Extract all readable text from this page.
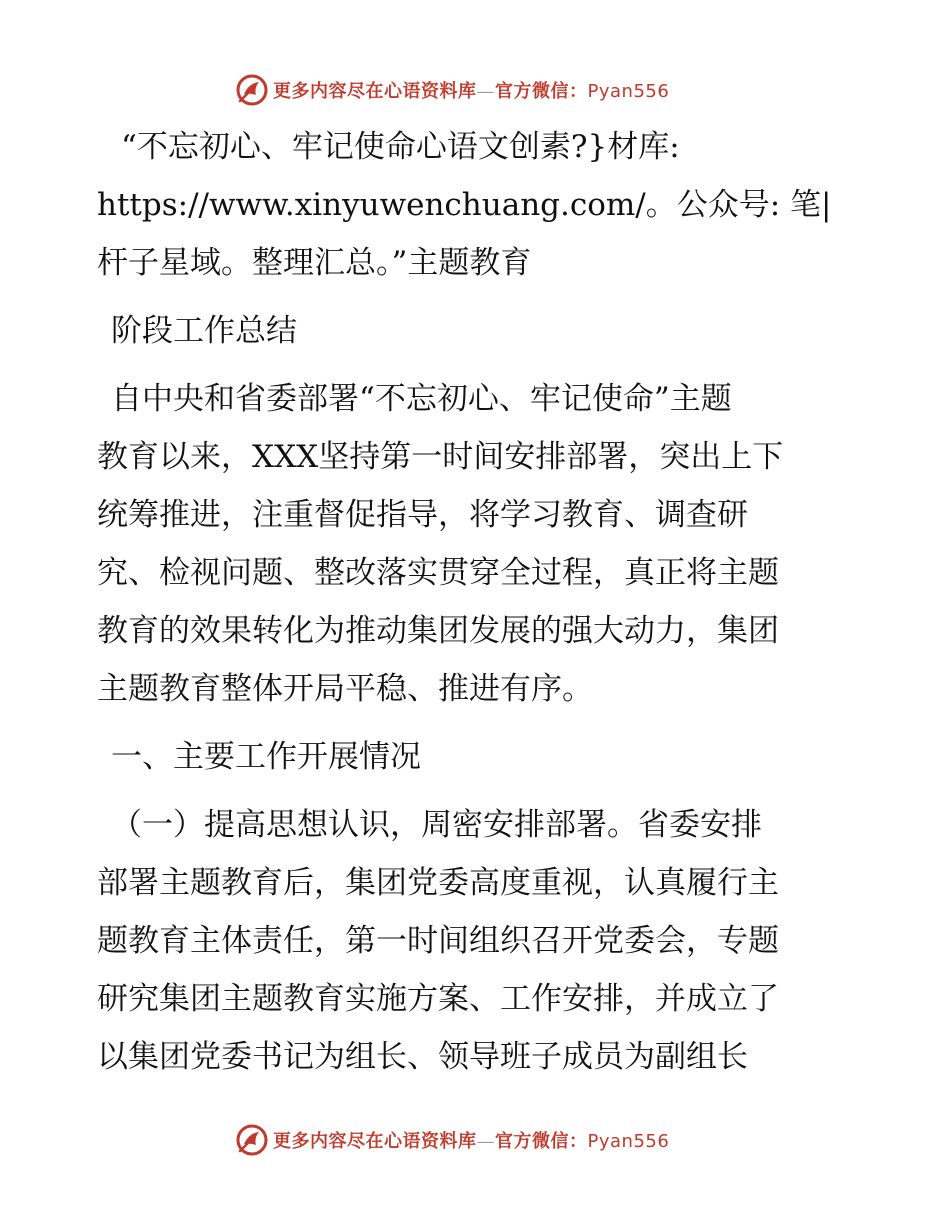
更多内容尽在心语资料库—官方微信：Pyan556

“不忘初心、牢记使命心语文创素?}材库:
https://www.xinyuwenchuang.com/。公众号: 笔|
杆子星域。整理汇总。”主题教育

阶段工作总结

自中央和省委部署“不忘初心、牢记使命”主题
教育以来，XXX坚持第一时间安排部署，突出上下
统筹推进，注重督促指导，将学习教育、调查研
究、检视问题、整改落实贯穿全过程，真正将主题
教育的效果转化为推动集团发展的强大动力，集团
主题教育整体开局平稳、推进有序。

一、主要工作开展情况

（一）提高思想认识，周密安排部署。省委安排
部署主题教育后，集团党委高度重视，认真履行主
题教育主体责任，第一时间组织召开党委会，专题
研究集团主题教育实施方案、工作安排，并成立了
以集团党委书记为组长、领导班子成员为副组长

更多内容尽在心语资料库—官方微信：Pyan556
